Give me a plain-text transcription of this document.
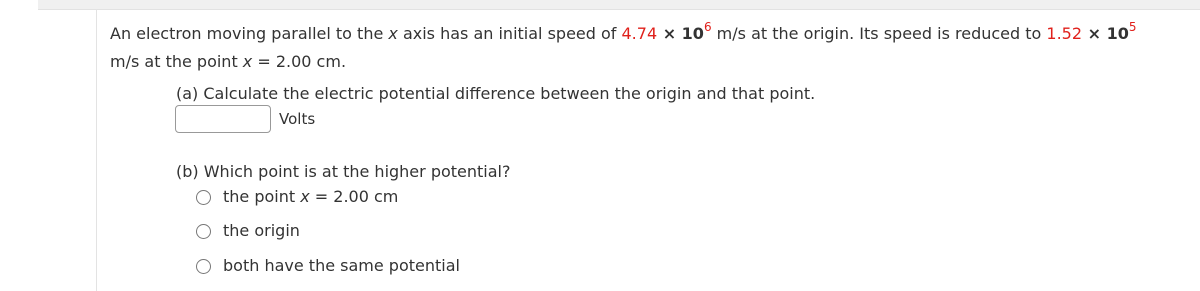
An electron moving parallel to the x axis has an initial speed of $4.74 \times 10^6$ m/s at the origin. Its speed is reduced to $1.52 \times 10^5$
m/s at the point x = 2.00 cm.
(a) Calculate the electric potential difference between the origin and that point.
Volts
(b) Which point is at the higher potential?
the point x = 2.00 cm
the origin
both have the same potential
